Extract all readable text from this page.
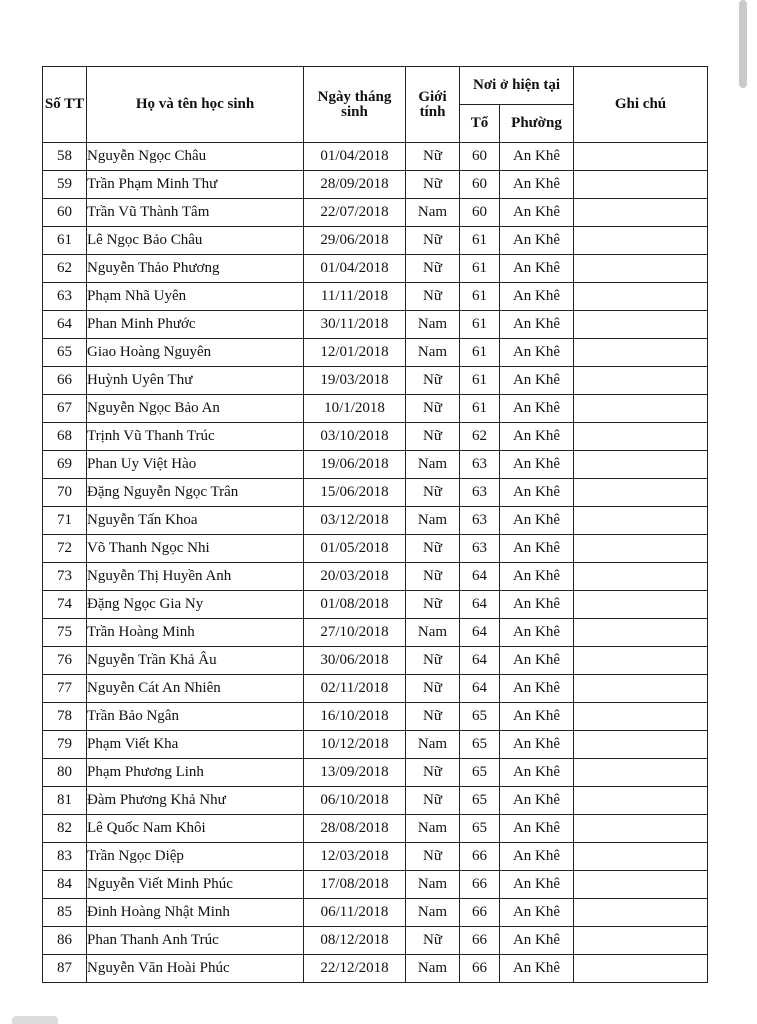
Số TT	Họ và tên học sinh	Ngày tháng sinh	Giới tính	Nơi ở hiện tại		Ghi chú
				Tổ	Phường	
58	Nguyễn Ngọc Châu	01/04/2018	Nữ	60	An Khê	
59	Trần Phạm Minh Thư	28/09/2018	Nữ	60	An Khê	
60	Trần Vũ Thành Tâm	22/07/2018	Nam	60	An Khê	
61	Lê Ngọc Bảo Châu	29/06/2018	Nữ	61	An Khê	
62	Nguyễn Thảo Phương	01/04/2018	Nữ	61	An Khê	
63	Phạm Nhã Uyên	11/11/2018	Nữ	61	An Khê	
64	Phan Minh Phước	30/11/2018	Nam	61	An Khê	
65	Giao Hoàng Nguyên	12/01/2018	Nam	61	An Khê	
66	Huỳnh Uyên Thư	19/03/2018	Nữ	61	An Khê	
67	Nguyễn Ngọc Bảo An	10/1/2018	Nữ	61	An Khê	
68	Trịnh Vũ Thanh Trúc	03/10/2018	Nữ	62	An Khê	
69	Phan Uy Việt Hào	19/06/2018	Nam	63	An Khê	
70	Đặng Nguyễn Ngọc Trân	15/06/2018	Nữ	63	An Khê	
71	Nguyễn Tấn Khoa	03/12/2018	Nam	63	An Khê	
72	Võ Thanh Ngọc Nhi	01/05/2018	Nữ	63	An Khê	
73	Nguyễn Thị Huyền Anh	20/03/2018	Nữ	64	An Khê	
74	Đặng Ngọc Gia Ny	01/08/2018	Nữ	64	An Khê	
75	Trần Hoàng Minh	27/10/2018	Nam	64	An Khê	
76	Nguyễn Trần Khả Âu	30/06/2018	Nữ	64	An Khê	
77	Nguyễn Cát An Nhiên	02/11/2018	Nữ	64	An Khê	
78	Trần Bảo Ngân	16/10/2018	Nữ	65	An Khê	
79	Phạm Viết Kha	10/12/2018	Nam	65	An Khê	
80	Phạm Phương Linh	13/09/2018	Nữ	65	An Khê	
81	Đàm Phương Khả Như	06/10/2018	Nữ	65	An Khê	
82	Lê Quốc Nam Khôi	28/08/2018	Nam	65	An Khê	
83	Trần Ngọc Diệp	12/03/2018	Nữ	66	An Khê	
84	Nguyễn Viết Minh Phúc	17/08/2018	Nam	66	An Khê	
85	Đinh Hoàng Nhật Minh	06/11/2018	Nam	66	An Khê	
86	Phan Thanh Anh Trúc	08/12/2018	Nữ	66	An Khê	
87	Nguyễn Văn Hoài Phúc	22/12/2018	Nam	66	An Khê	
